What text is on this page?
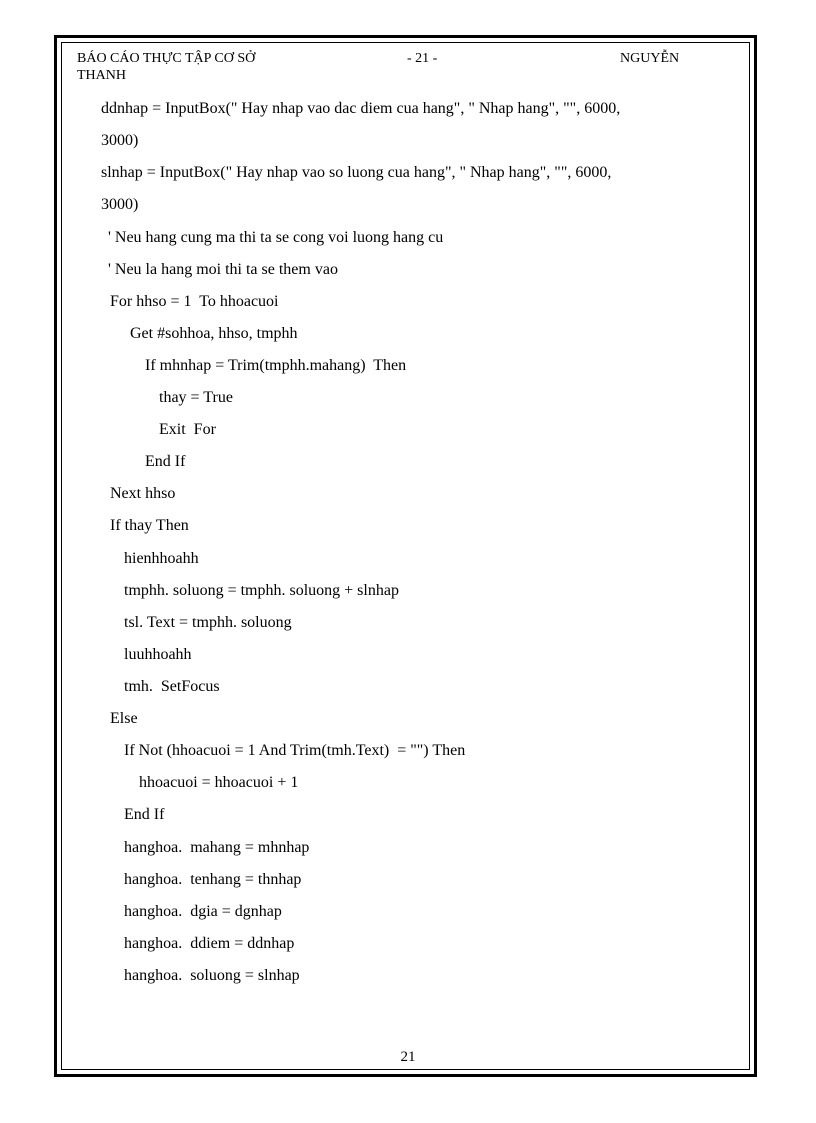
BÁO CÁO THỰC TẬP CƠ SỞ	- 21 -	NGUYỄN
THANH
ddnhap = InputBox(" Hay nhap vao dac diem cua hang", " Nhap hang", "", 6000,
3000)
slnhap = InputBox(" Hay nhap vao so luong cua hang", " Nhap hang", "", 6000,
3000)
' Neu hang cung ma thi ta se cong voi luong hang cu
' Neu la hang moi thi ta se them vao
For hhso = 1  To hhoacuoi
Get #sohhoa, hhso, tmphh
If mhnhap = Trim(tmphh.mahang)  Then
thay = True
Exit  For
End If
Next hhso
If thay Then
hienhhoahh
tmphh. soluong = tmphh. soluong + slnhap
tsl. Text = tmphh. soluong
luuhhoahh
tmh.  SetFocus
Else
If Not (hhoacuoi = 1 And Trim(tmh.Text)  = "") Then
hhoacuoi = hhoacuoi + 1
End If
hanghoa.  mahang = mhnhap
hanghoa.  tenhang = thnhap
hanghoa.  dgia = dgnhap
hanghoa.  ddiem = ddnhap
hanghoa.  soluong = slnhap
21
